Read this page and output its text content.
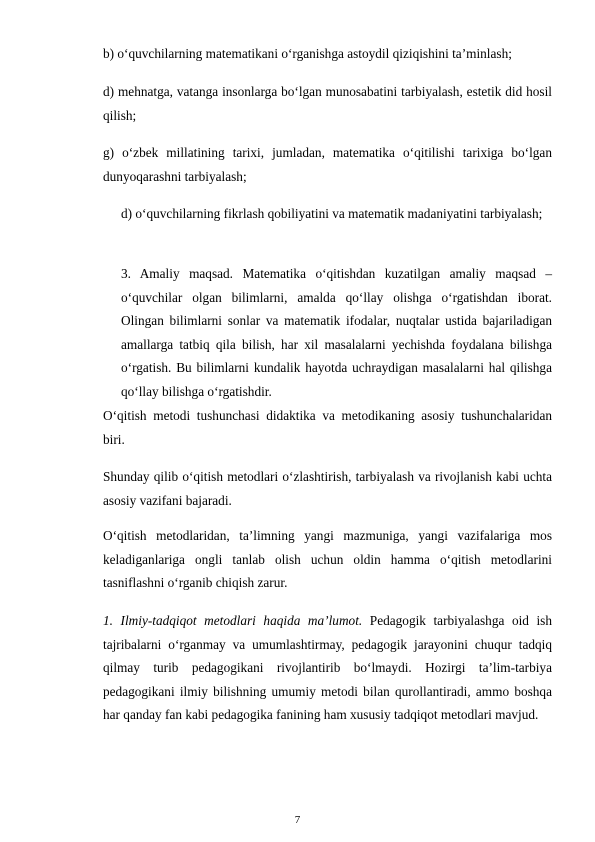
b) o‘quvchilarning matematikani o‘rganishga astoydil qiziqishini ta’minlash;

d) mehnatga, vatanga insonlarga bo‘lgan munosabatini tarbiyalash, estetik did hosil qilish;

g) o‘zbek millatining tarixi, jumladan, matematika o‘qitilishi tarixiga bo‘lgan dunyoqarashni tarbiyalash;

d) o‘quvchilarning fikrlash qobiliyatini va matematik madaniyatini tarbiyalash;

3. Amaliy maqsad. Matematika o‘qitishdan kuzatilgan amaliy maqsad – o‘quvchilar olgan bilimlarni, amalda qo‘llay olishga o‘rgatishdan iborat. Olingan bilimlarni sonlar va matematik ifodalar, nuqtalar ustida bajariladigan amallarga tatbiq qila bilish, har xil masalalarni yechishda foydalana bilishga o‘rgatish. Bu bilimlarni kundalik hayotda uchraydigan masalalarni hal qilishga qo‘llay bilishga o‘rgatishdir.

O‘qitish metodi tushunchasi didaktika va metodikaning asosiy tushunchalaridan biri.

Shunday qilib o‘qitish metodlari o‘zlashtirish, tarbiyalash va rivojlanish kabi uchta asosiy vazifani bajaradi.

O‘qitish metodlaridan, ta’limning yangi mazmuniga, yangi vazifalariga mos keladiganlariga ongli tanlab olish uchun oldin hamma o‘qitish metodlarini tasniflashni o‘rganib chiqish zarur.

1. Ilmiy-tadqiqot metodlari haqida ma’lumot. Pedagogik tarbiyalashga oid ish tajribalarni o‘rganmay va umumlashtirmay, pedagogik jarayonini chuqur tadqiq qilmay turib pedagogikani rivojlantirib bo‘lmaydi. Hozirgi ta’lim-tarbiya pedagogikani ilmiy bilishning umumiy metodi bilan qurollantiradi, ammo boshqa har qanday fan kabi pedagogika fanining ham xususiy tadqiqot metodlari mavjud.

7
